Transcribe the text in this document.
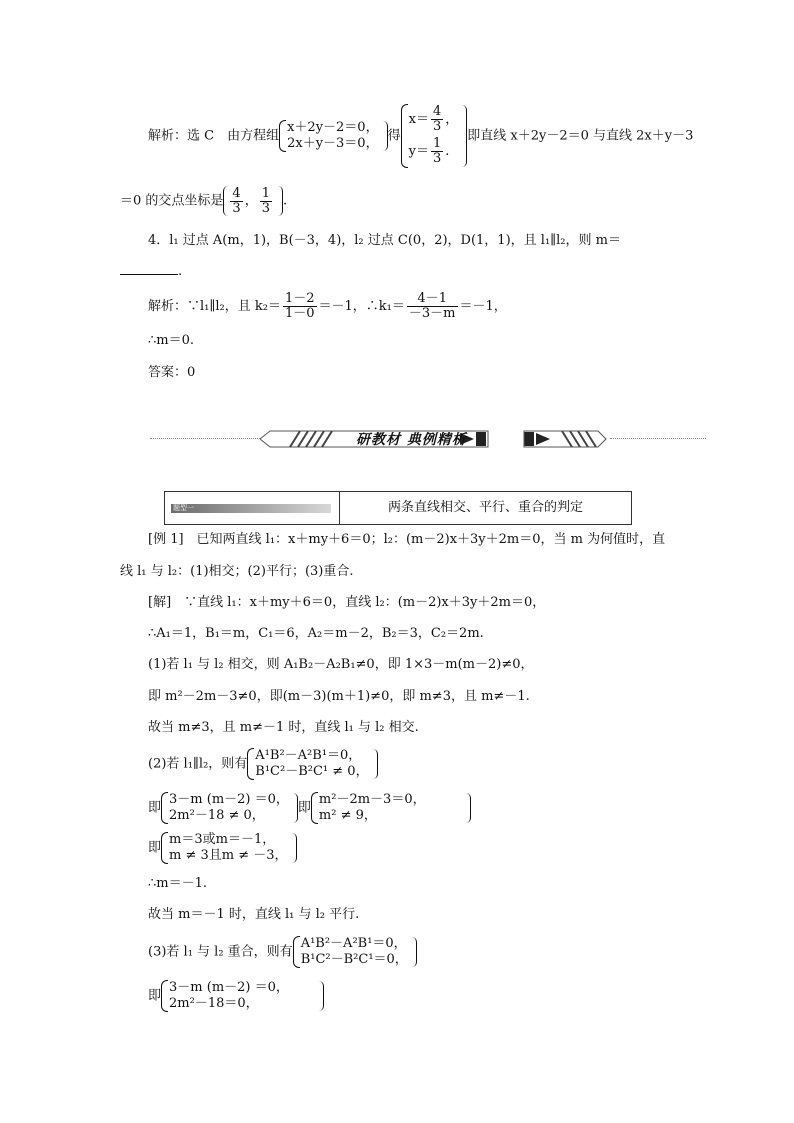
解析：选 C　由方程组
x＋2y－2＝0，
2x＋y－3＝0， 得
$x= \frac{4}{3}$ ，
$y= \frac{1}{3}$ .
即直线 x＋2y－2＝0 与直线 2x＋y－3
＝0 的交点坐标是 $\frac{4}{3}$ ， $\frac{1}{3}$ .
4．l₁ 过点 A(m，1)，B(－3，4)，l₂ 过点 C(0，2)，D(1，1)，且 l₁∥l₂，则 m＝
.
解析：∵l₁∥l₂，且 $k_2= \frac{1-2}{1-0} =-1$，∴k₁＝ $\frac{4-1}{-3-m} =-1$，
∴m＝0.
答案：0
研教材 典例精析
题型一	两条直线相交、平行、重合的判定
[例 1]　已知两直线 l₁：x＋my＋6＝0；l₂：(m－2)x＋3y＋2m＝0，当 m 为何值时，直
线 l₁ 与 l₂：(1)相交；(2)平行；(3)重合.
[解]　∵直线 l₁：x＋my＋6＝0，直线 l₂：(m－2)x＋3y＋2m＝0，
∴A₁＝1，B₁＝m，C₁＝6，A₂＝m－2，B₂＝3，C₂＝2m.
(1)若 l₁ 与 l₂ 相交，则 A₁B₂－A₂B₁≠0，即 1×3－m(m－2)≠0，
即 m²－2m－3≠0，即(m－3)(m＋1)≠0，即 m≠3，且 m≠－1.
故当 m≠3，且 m≠－1 时，直线 l₁ 与 l₂ 相交.
(2)若 l₁∥l₂，则有
A¹B²－A²B¹＝0，
B¹C²－B²C¹ ≠ 0，
即
3－m (m－2) ＝0，
2m²－18 ≠ 0，	即
m²－2m－3＝0，
m² ≠ 9，
即
m＝3或m＝－1，
m ≠ 3且m ≠ －3，
∴m＝－1.
故当 m＝－1 时，直线 l₁ 与 l₂ 平行.
(3)若 l₁ 与 l₂ 重合，则有
A¹B²－A²B¹＝0，
B¹C²－B²C¹＝0，
即
3－m (m－2) ＝0，
2m²－18＝0，
